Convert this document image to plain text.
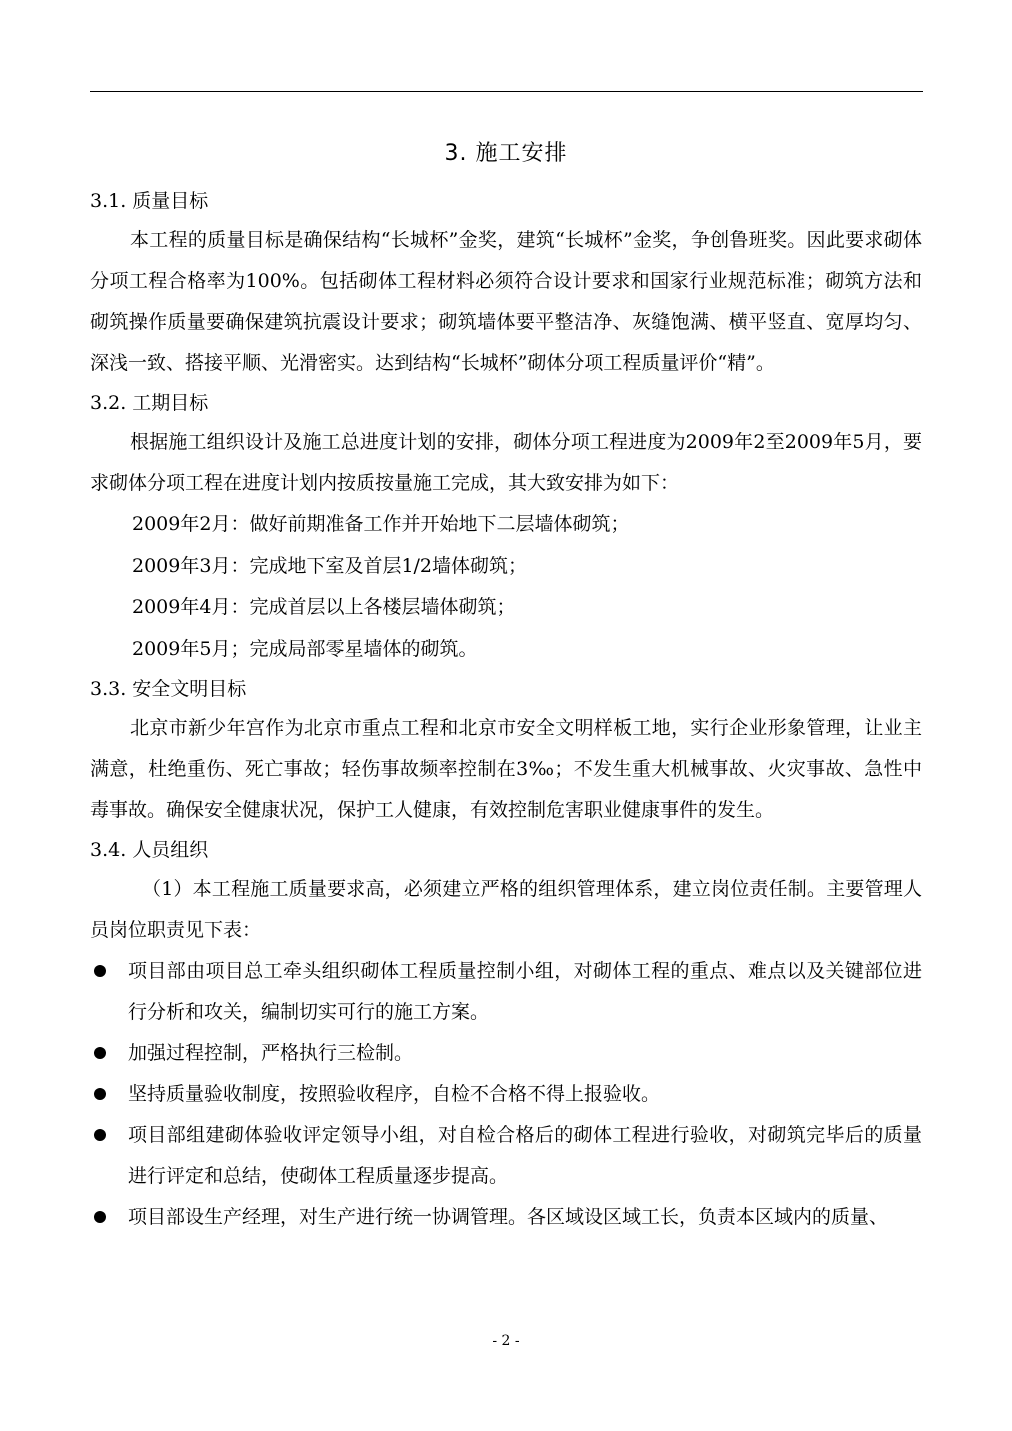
3. 施工安排
3.1. 质量目标

本工程的质量目标是确保结构“长城杯”金奖，建筑“长城杯”金奖，争创鲁班奖。因此要求砌体分项工程合格率为100%。包括砌体工程材料必须符合设计要求和国家行业规范标准；砌筑方法和砌筑操作质量要确保建筑抗震设计要求；砌筑墙体要平整洁净、灰缝饱满、横平竖直、宽厚均匀、深浅一致、搭接平顺、光滑密实。达到结构“长城杯”砌体分项工程质量评价“精”。

3.2. 工期目标

根据施工组织设计及施工总进度计划的安排，砌体分项工程进度为2009年2至2009年5月，要求砌体分项工程在进度计划内按质按量施工完成，其大致安排为如下：

2009年2月：做好前期准备工作并开始地下二层墙体砌筑；
2009年3月：完成地下室及首层1/2墙体砌筑；
2009年4月：完成首层以上各楼层墙体砌筑；
2009年5月；完成局部零星墙体的砌筑。
3.3. 安全文明目标

北京市新少年宫作为北京市重点工程和北京市安全文明样板工地，实行企业形象管理，让业主满意，杜绝重伤、死亡事故；轻伤事故频率控制在3‰；不发生重大机械事故、火灾事故、急性中毒事故。确保安全健康状况，保护工人健康，有效控制危害职业健康事件的发生。

3.4. 人员组织

（1）本工程施工质量要求高，必须建立严格的组织管理体系，建立岗位责任制。主要管理人员岗位职责见下表：

项目部由项目总工牵头组织砌体工程质量控制小组，对砌体工程的重点、难点以及关键部位进行分析和攻关，编制切实可行的施工方案。
加强过程控制，严格执行三检制。
坚持质量验收制度，按照验收程序，自检不合格不得上报验收。
项目部组建砌体验收评定领导小组，对自检合格后的砌体工程进行验收，对砌筑完毕后的质量进行评定和总结，使砌体工程质量逐步提高。
项目部设生产经理，对生产进行统一协调管理。各区域设区域工长，负责本区域内的质量、
- 2 -
